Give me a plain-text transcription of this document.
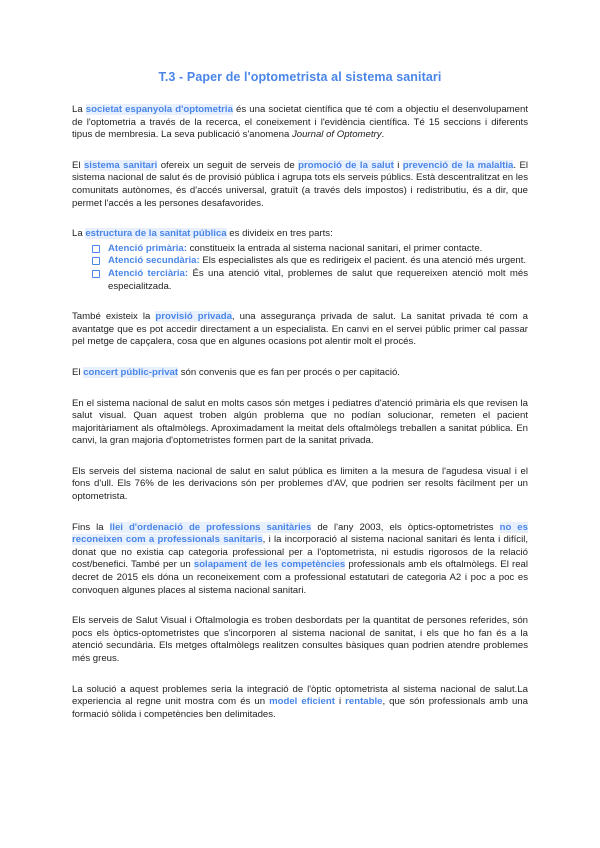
T.3 - Paper de l'optometrista al sistema sanitari

La societat espanyola d'optometria és una societat científica que té com a objectiu el desenvolupament de l'optometria a través de la recerca, el coneixement i l'evidència científica. Té 15 seccions i diferents tipus de membresia. La seva publicació s'anomena Journal of Optometry.

El sistema sanitari ofereix un seguit de serveis de promoció de la salut i prevenció de la malaltia. El sistema nacional de salut és de provisió pública i agrupa tots els serveis públics. Està descentralitzat en les comunitats autònomes, és d'accés universal, gratuït (a través dels impostos) i redistributiu, és a dir, que permet l'accés a les persones desafavorides.

La estructura de la sanitat pública es divideix en tres parts:

Atenció primària: constitueix la entrada al sistema nacional sanitari, el primer contacte.
Atenció secundària: Els especialistes als que es redirigeix el pacient. és una atenció més urgent.
Atenció terciària: És una atenció vital, problemes de salut que requereixen atenció molt més especialitzada.

També existeix la provisió privada, una assegurança privada de salut. La sanitat privada té com a avantatge que es pot accedir directament a un especialista. En canvi en el servei públic primer cal passar pel metge de capçalera, cosa que en algunes ocasions pot alentir molt el procés.

El concert públic-privat són convenis que es fan per procés o per capitació.

En el sistema nacional de salut en molts casos són metges i pediatres d'atenció primària els que revisen la salut visual. Quan aquest troben algún problema que no podían solucionar, remeten el pacient majoritàriament als oftalmòlegs. Aproximadament la meitat dels oftalmòlegs treballen a sanitat pública. En canvi, la gran majoria d'optometristes formen part de la sanitat privada.

Els serveis del sistema nacional de salut en salut pública es limiten a la mesura de l'agudesa visual i el fons d'ull. Els 76% de les derivacions són per problemes d'AV, que podrien ser resolts fàcilment per un optometrista.

Fins la llei d'ordenació de professions sanitàries de l'any 2003, els òptics-optometristes no es reconeixen com a professionals sanitaris, i la incorporació al sistema nacional sanitari és lenta i difícil, donat que no existia cap categoria professional per a l'optometrista, ni estudis rigorosos de la relació cost/benefici. També per un solapament de les competències professionals amb els oftalmòlegs. El real decret de 2015 els dóna un reconeixement com a professional estatutari de categoria A2 i poc a poc es convoquen algunes places al sistema nacional sanitari.

Els serveis de Salut Visual i Oftalmologia es troben desbordats per la quantitat de persones referides, són pocs els òptics-optometristes que s'incorporen al sistema nacional de sanitat, i els que ho fan és a la atenció secundària. Els metges oftalmòlegs realitzen consultes bàsiques quan podrien atendre problemes més greus.

La solució a aquest problemes seria la integració de l'òptic optometrista al sistema nacional de salut.La experiencia al regne unit mostra com és un model eficient i rentable, que són professionals amb una formació sòlida i competències ben delimitades.
